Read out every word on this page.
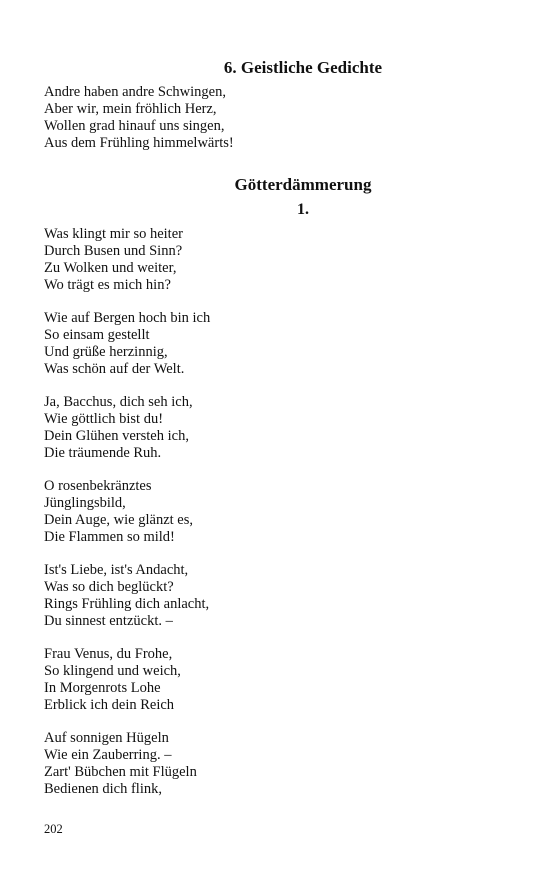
6. Geistliche Gedichte
Andre haben andre Schwingen,
Aber wir, mein fröhlich Herz,
Wollen grad hinauf uns singen,
Aus dem Frühling himmelwärts!
Götterdämmerung
1.
Was klingt mir so heiter
Durch Busen und Sinn?
Zu Wolken und weiter,
Wo trägt es mich hin?
Wie auf Bergen hoch bin ich
So einsam gestellt
Und grüße herzinnig,
Was schön auf der Welt.
Ja, Bacchus, dich seh ich,
Wie göttlich bist du!
Dein Glühen versteh ich,
Die träumende Ruh.
O rosenbekränztes
Jünglingsbild,
Dein Auge, wie glänzt es,
Die Flammen so mild!
Ist's Liebe, ist's Andacht,
Was so dich beglückt?
Rings Frühling dich anlacht,
Du sinnest entzückt. –
Frau Venus, du Frohe,
So klingend und weich,
In Morgenrots Lohe
Erblick ich dein Reich
Auf sonnigen Hügeln
Wie ein Zauberring. –
Zart' Bübchen mit Flügeln
Bedienen dich flink,
202
